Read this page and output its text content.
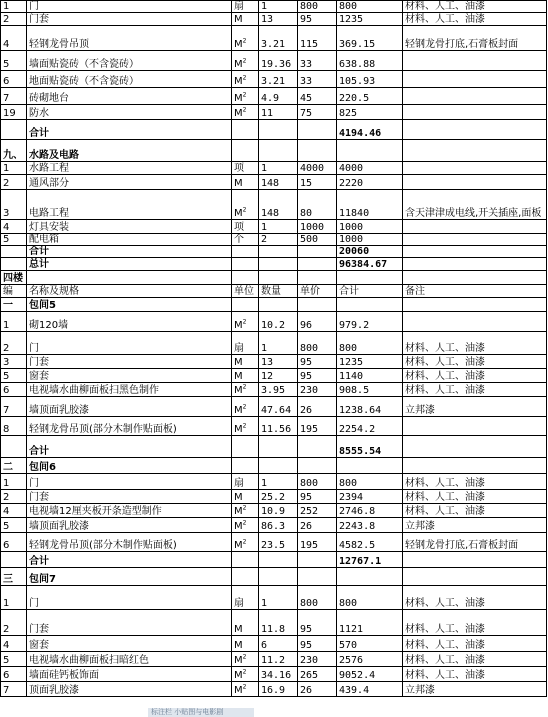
1	门	扇	1	800	800	材料、人工、油漆
2	门套	M	13	95	1235	材料、人工、油漆
4	轻钢龙骨吊顶	$M^2$	3.21	115	369.15	轻钢龙骨打底,石膏板封面
5	墙面贴瓷砖（不含瓷砖）	$M^2$	19.36	33	638.88	
6	地面贴瓷砖（不含瓷砖）	$M^2$	3.21	33	105.93	
7	砖砌地台	$M^2$	4.9	45	220.5	
19	防水	$M^2$	11	75	825	
	合计				4194.46	
九、	水路及电路					
1	水路工程	项	1	4000	4000	
2	通风部分	M	148	15	2220	
3	电路工程	$M^2$	148	80	11840	含天津津成电线,开关插座,面板
4	灯具安装	项	1	1000	1000	
5	配电箱	个	2	500	1000	
	合计				20060	
	总计				96384.67	
四楼						
编	名称及规格	单位	数量	单价	合计	备注
一	包间5					
1	砌120墙	$M^2$	10.2	96	979.2	
2	门	扇	1	800	800	材料、人工、油漆
3	门套	M	13	95	1235	材料、人工、油漆
5	窗套	M	12	95	1140	材料、人工、油漆
6	电视墙水曲柳面板扫黑色制作	$M^2$	3.95	230	908.5	材料、人工、油漆
7	墙顶面乳胶漆	$M^2$	47.64	26	1238.64	立邦漆
8	轻钢龙骨吊顶(部分木制作贴面板)	$M^2$	11.56	195	2254.2	
	合计				8555.54	
二	包间6					
1	门	扇	1	800	800	材料、人工、油漆
2	门套	M	25.2	95	2394	材料、人工、油漆
4	电视墙12厘夹板开条造型制作	$M^2$	10.9	252	2746.8	材料、人工、油漆
5	墙顶面乳胶漆	$M^2$	86.3	26	2243.8	立邦漆
6	轻钢龙骨吊顶(部分木制作贴面板)	$M^2$	23.5	195	4582.5	轻钢龙骨打底,石膏板封面
	合计				12767.1	
三	包间7					
1	门	扇	1	800	800	材料、人工、油漆
2	门套	M	11.8	95	1121	材料、人工、油漆
4	窗套	M	6	95	570	材料、人工、油漆
5	电视墙水曲柳面板扫暗红色	$M^2$	11.2	230	2576	材料、人工、油漆
6	墙面硅钙板饰面	$M^2$	34.16	265	9052.4	材料、人工、油漆
7	顶面乳胶漆	$M^2$	16.9	26	439.4	立邦漆
标注栏 小贴图与电影剧
